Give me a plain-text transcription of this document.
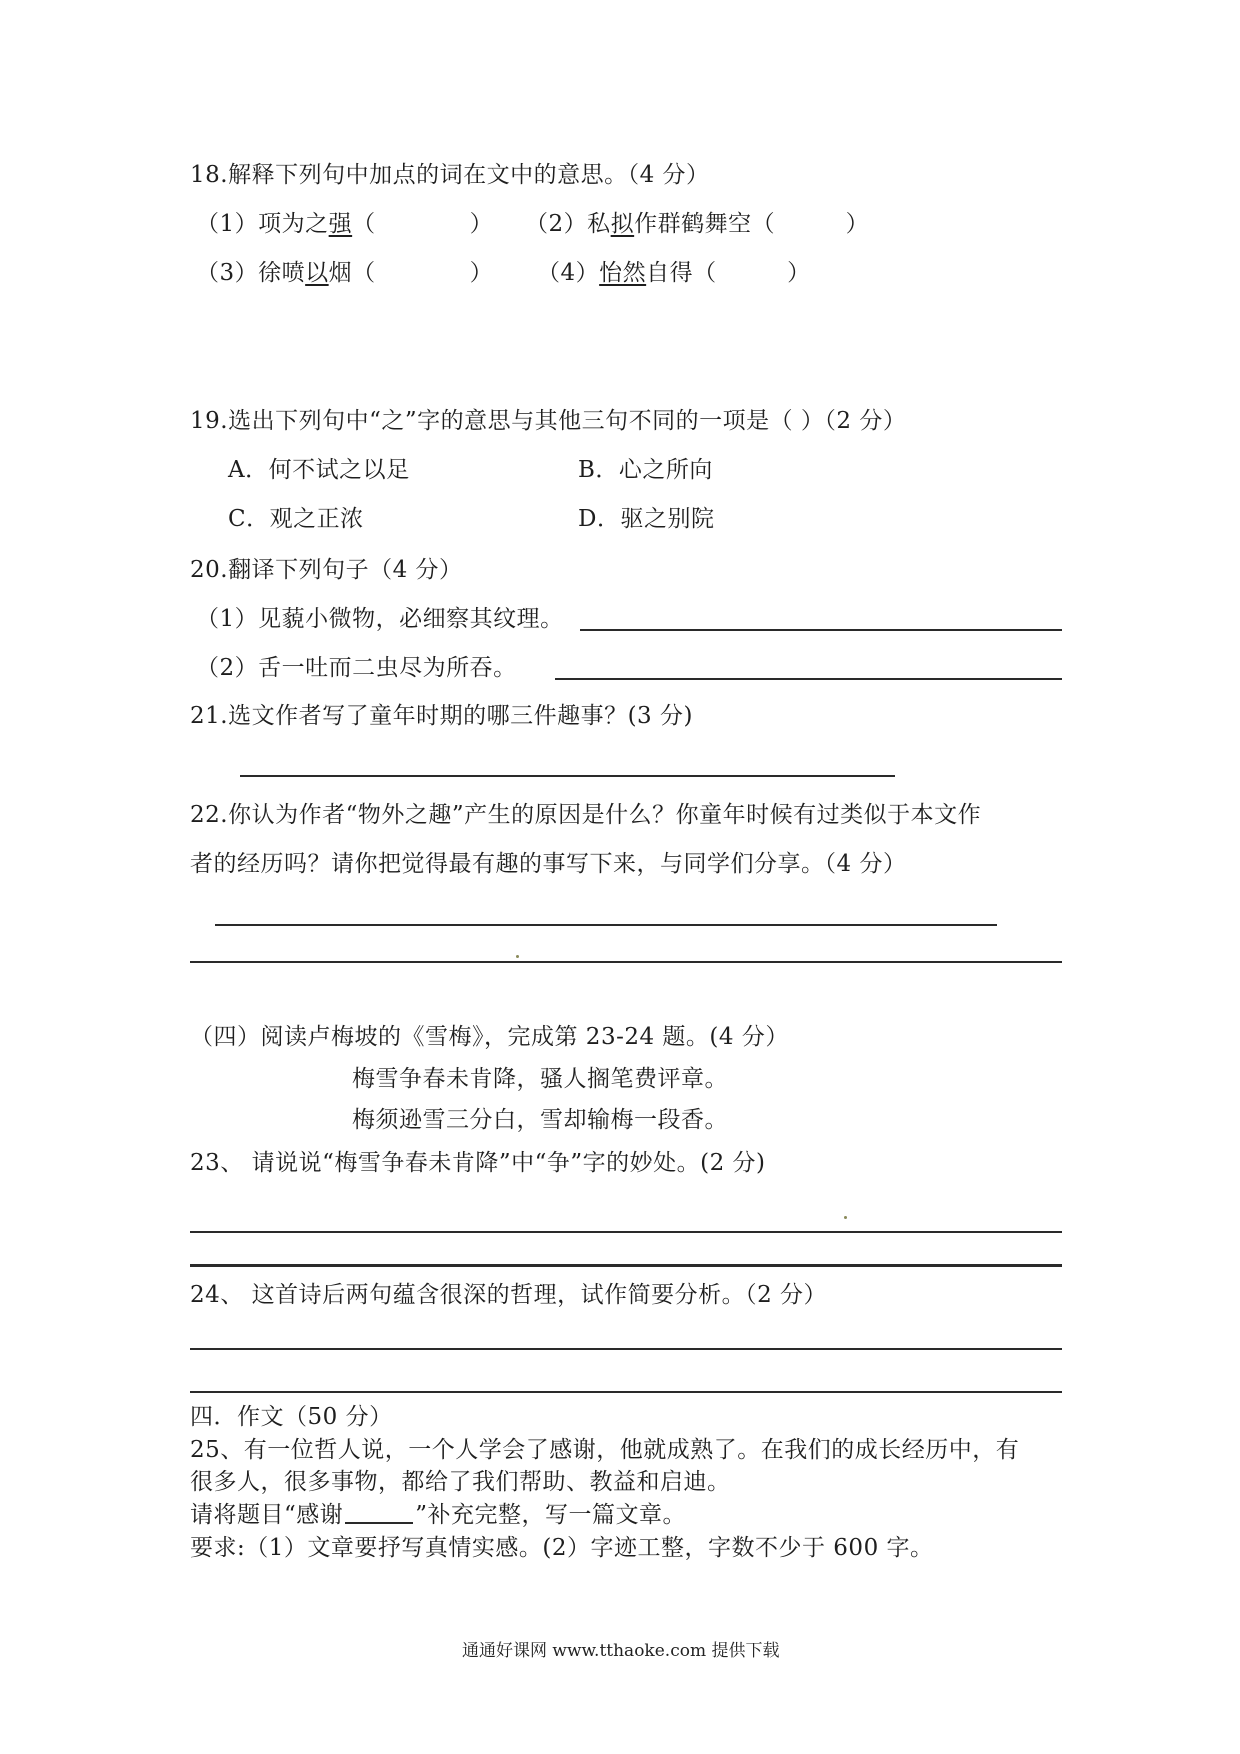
18.解释下列句中加点的词在文中的意思。（4 分）
（1）项为之强（　　　　） （2）私拟作群鹤舞空（　　　）
（3）徐喷以烟（　　　　） （4）怡然自得（　　　）
19.选出下列句中“之”字的意思与其他三句不同的一项是（ ）（2 分）
A．何不试之以足	B．心之所向
C．观之正浓	D．驱之别院
20.翻译下列句子（4 分）
（1）见藐小微物，必细察其纹理。
（2）舌一吐而二虫尽为所吞。
21.选文作者写了童年时期的哪三件趣事？(3 分)
22.你认为作者“物外之趣”产生的原因是什么？你童年时候有过类似于本文作
者的经历吗？请你把觉得最有趣的事写下来，与同学们分享。（4 分）
（四）阅读卢梅坡的《雪梅》，完成第 23-24 题。(4 分）
梅雪争春未肯降，骚人搁笔费评章。
梅须逊雪三分白，雪却输梅一段香。
23、 请说说“梅雪争春未肯降”中“争”字的妙处。(2 分)
24、 这首诗后两句蕴含很深的哲理，试作简要分析。（2 分）
四．作文（50 分）
25、有一位哲人说，一个人学会了感谢，他就成熟了。在我们的成长经历中，有
很多人，很多事物，都给了我们帮助、教益和启迪。
请将题目“感谢	”补充完整，写一篇文章。
要求:（1）文章要抒写真情实感。(2）字迹工整，字数不少于 600 字。
通通好课网 www.tthaoke.com 提供下载
